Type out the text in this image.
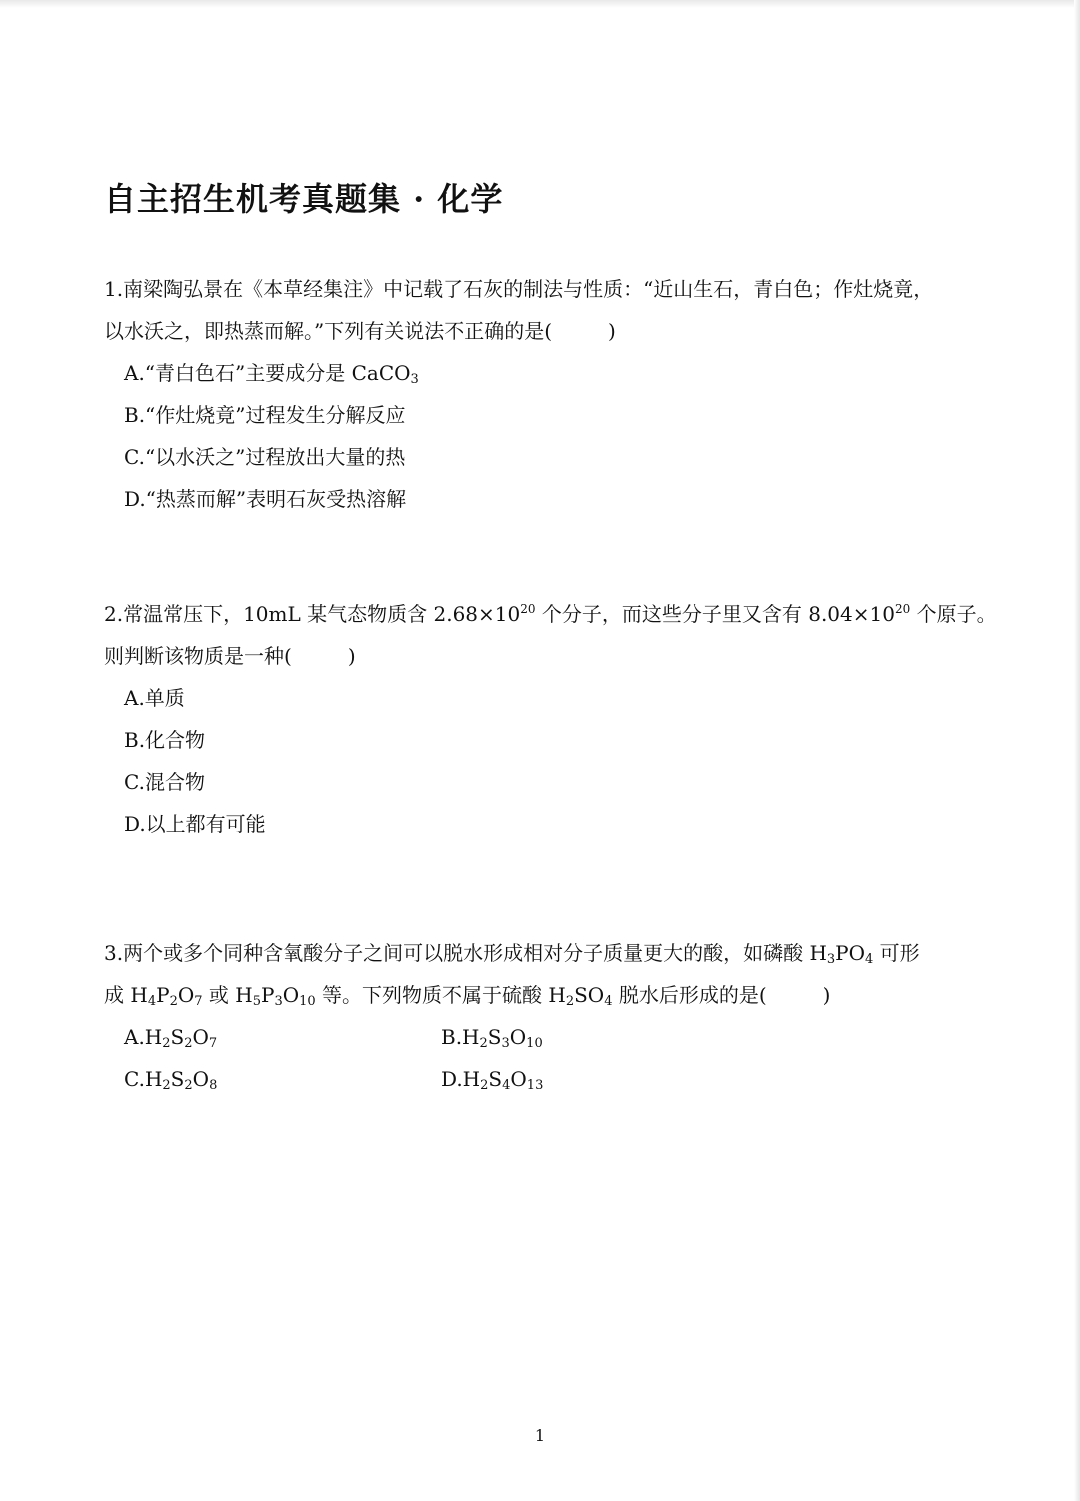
自主招生机考真题集 · 化学
1.南梁陶弘景在《本草经集注》中记载了石灰的制法与性质：“近山生石，青白色；作灶烧竟，
以水沃之，即热蒸而解。”下列有关说法不正确的是(	)
A.“青白色石”主要成分是 CaCO$_3$
B.“作灶烧竟”过程发生分解反应
C.“以水沃之”过程放出大量的热
D.“热蒸而解”表明石灰受热溶解
2.常温常压下，10mL 某气态物质含 $2.68\times 10^{20}$ 个分子，而这些分子里又含有 $8.04\times 10^{20}$ 个原子。
则判断该物质是一种(	)
A.单质
B.化合物
C.混合物
D.以上都有可能
3.两个或多个同种含氧酸分子之间可以脱水形成相对分子质量更大的酸，如磷酸 $H_3PO_4$ 可形
成 $H_4P_2O_7$ 或 $H_5P_3O_{10}$ 等。下列物质不属于硫酸 $H_2SO_4$ 脱水后形成的是(	)
$A.H_2S_2O_7$	$B.H_2S_3O_{10}$
$C.H_2S_2O_8$	$D.H_2S_4O_{13}$
1
